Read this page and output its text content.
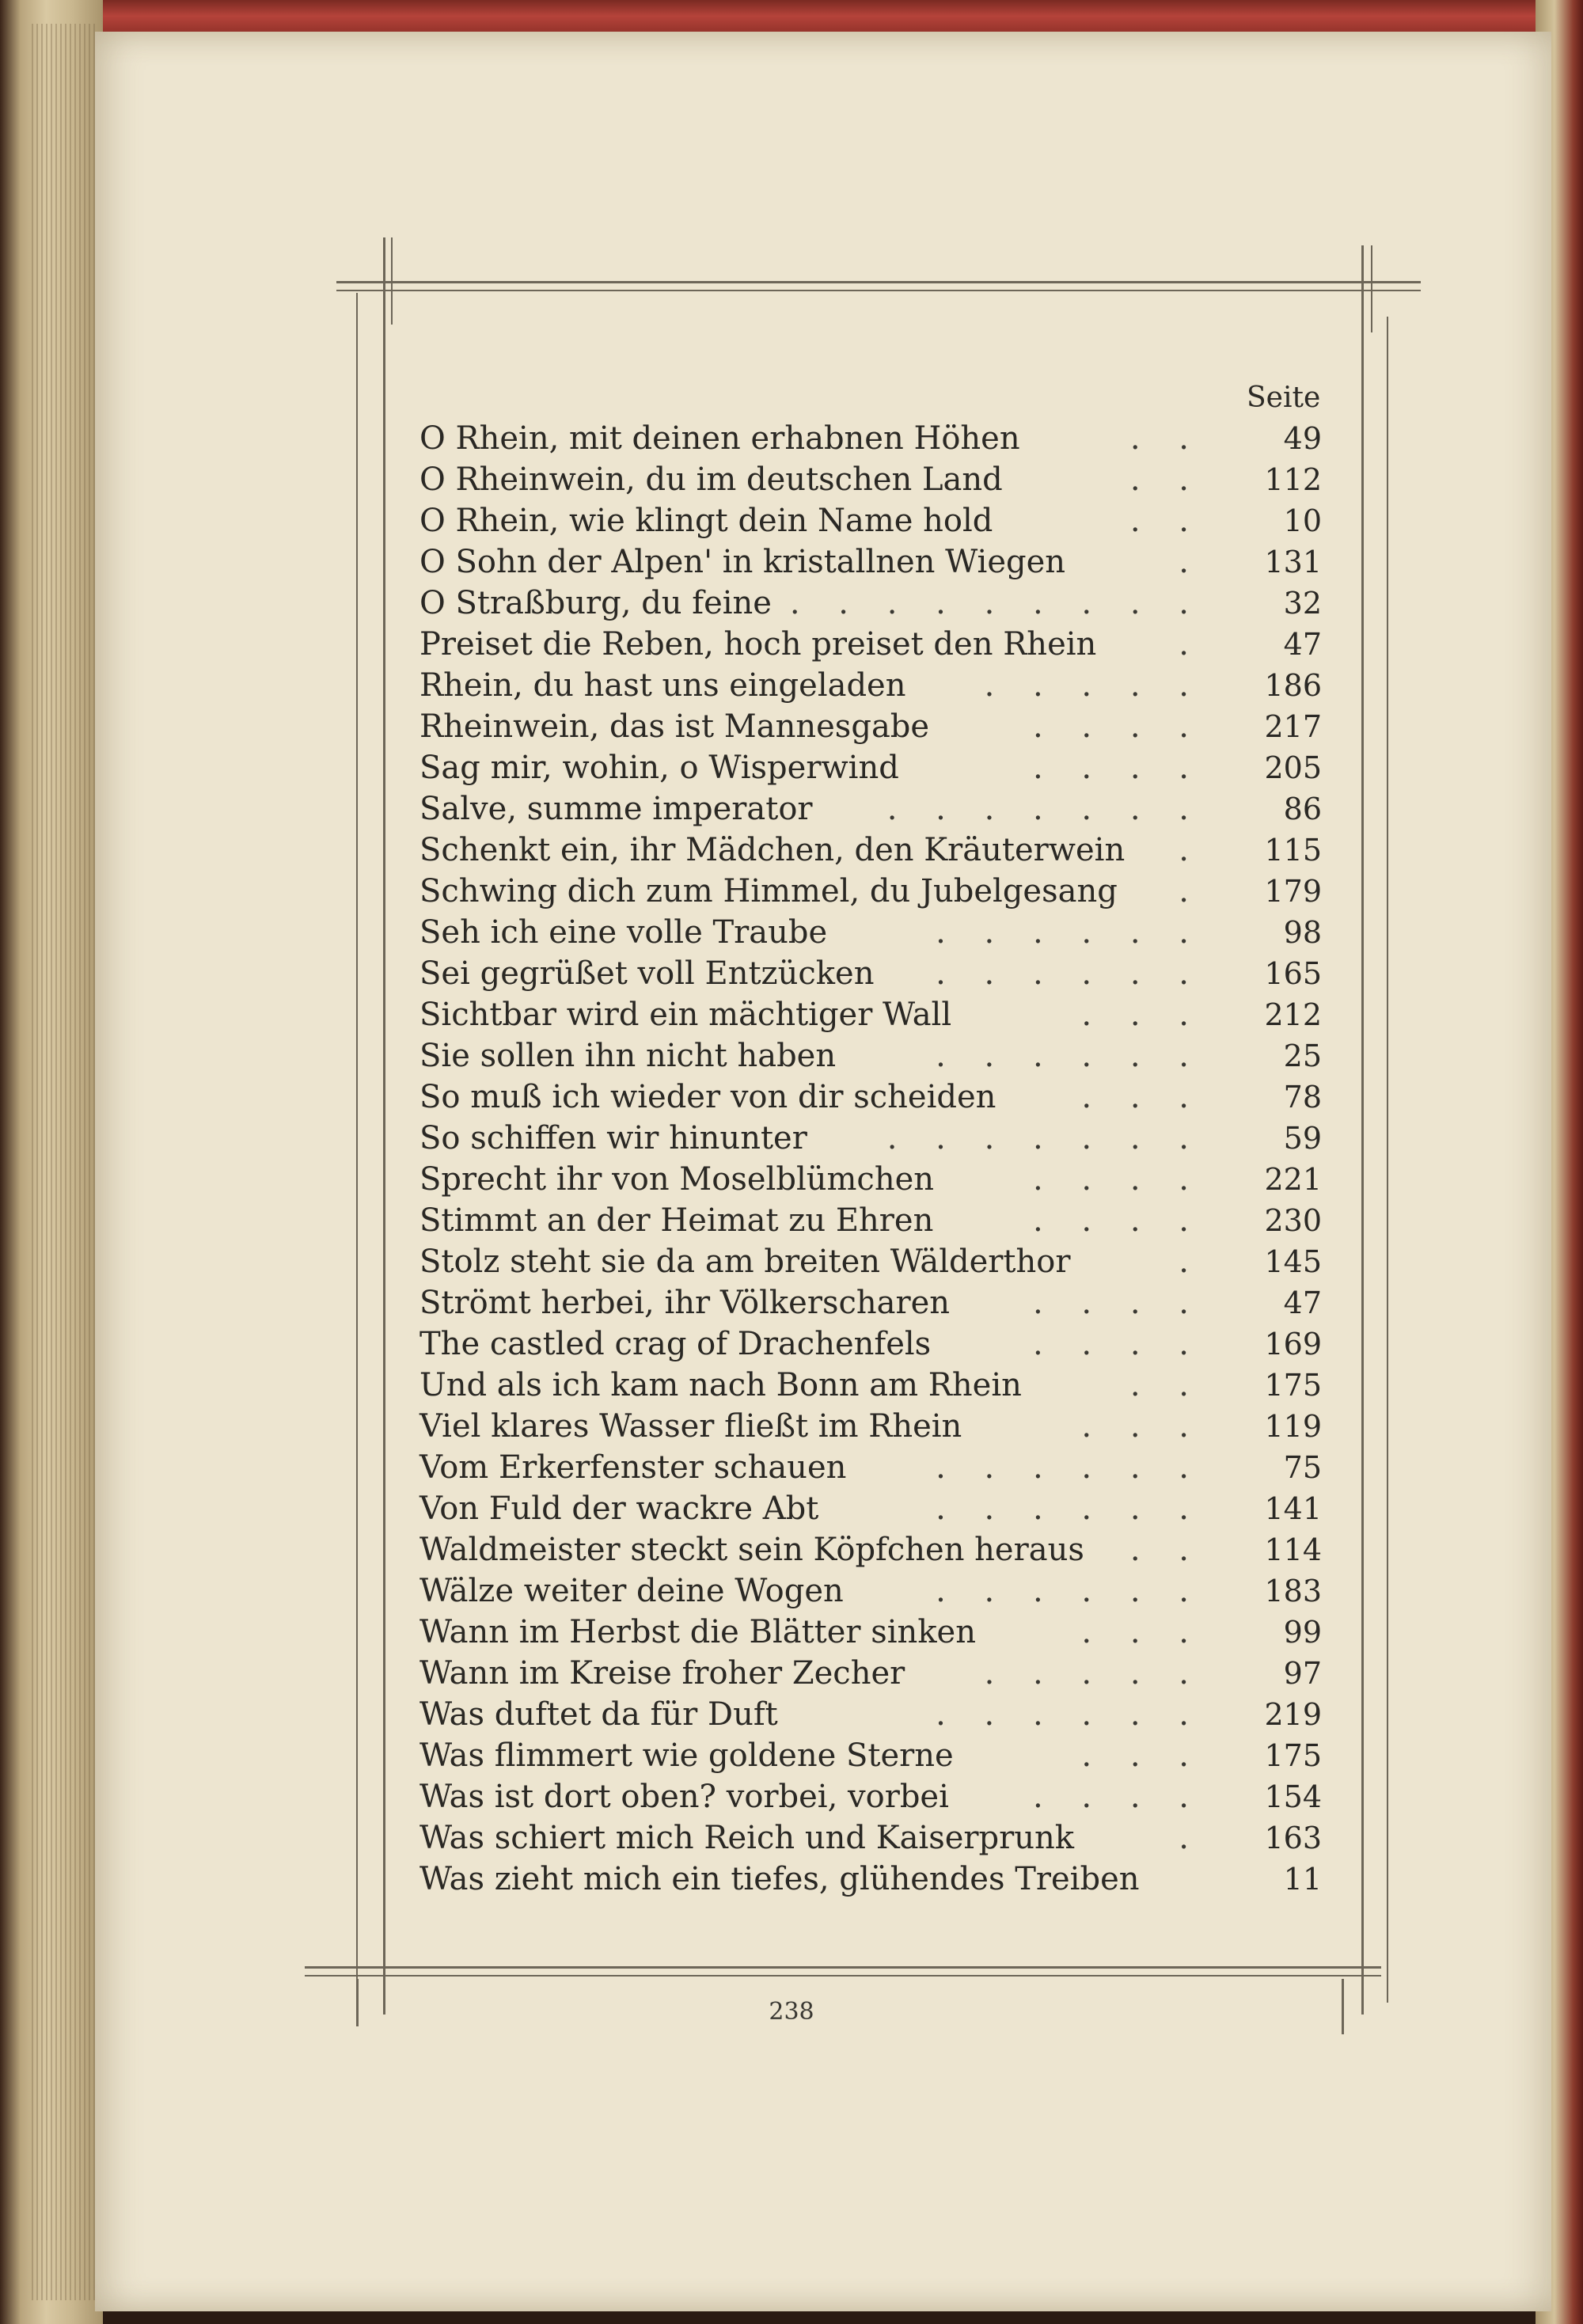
Seite
O Rhein, mit deinen erhabnen Höhen	. .	49
O Rheinwein, du im deutschen Land	. .	112
O Rhein, wie klingt dein Name hold	. .	10
O Sohn der Alpen' in kristallnen Wiegen	.	131
O Straßburg, du feine . . . . . . . . .	32
Preiset die Reben, hoch preiset den Rhein	.	47
Rhein, du hast uns eingeladen . . . . .	186
Rheinwein, das ist Mannesgabe	. . . .	217
Sag mir, wohin, o Wisperwind	. . . .	205
Salve, summe imperator . . . . . . .	86
Schenkt ein, ihr Mädchen, den Kräuterwein .	115
Schwing dich zum Himmel, du Jubelgesang .	179
Seh ich eine volle Traube	. . . . . .	98
Sei gegrüßet voll Entzücken . . . . . .	165
Sichtbar wird ein mächtiger Wall	. . .	212
Sie sollen ihn nicht haben	. . . . . .	25
So muß ich wieder von dir scheiden	. . .	78
So schiffen wir hinunter	. . . . . . .	59
Sprecht ihr von Moselblümchen	. . . .	221
Stimmt an der Heimat zu Ehren	. . . .	230
Stolz steht sie da am breiten Wälderthor	.	145
Strömt herbei, ihr Völkerscharen	. . . .	47
The castled crag of Drachenfels	. . . .	169
Und als ich kam nach Bonn am Rhein	. .	175
Viel klares Wasser fließt im Rhein	. . .	119
Vom Erkerfenster schauen	. . . . . .	75
Von Fuld der wackre Abt	. . . . . .	141
Waldmeister steckt sein Köpfchen heraus . .	114
Wälze weiter deine Wogen	. . . . . .	183
Wann im Herbst die Blätter sinken	. . .	99
Wann im Kreise froher Zecher	. . . . .	97
Was duftet da für Duft	. . . . . .	219
Was flimmert wie goldene Sterne	. . .	175
Was ist dort oben? vorbei, vorbei	. . . .	154
Was schiert mich Reich und Kaiserprunk	.	163
Was zieht mich ein tiefes, glühendes Treiben	11
238
